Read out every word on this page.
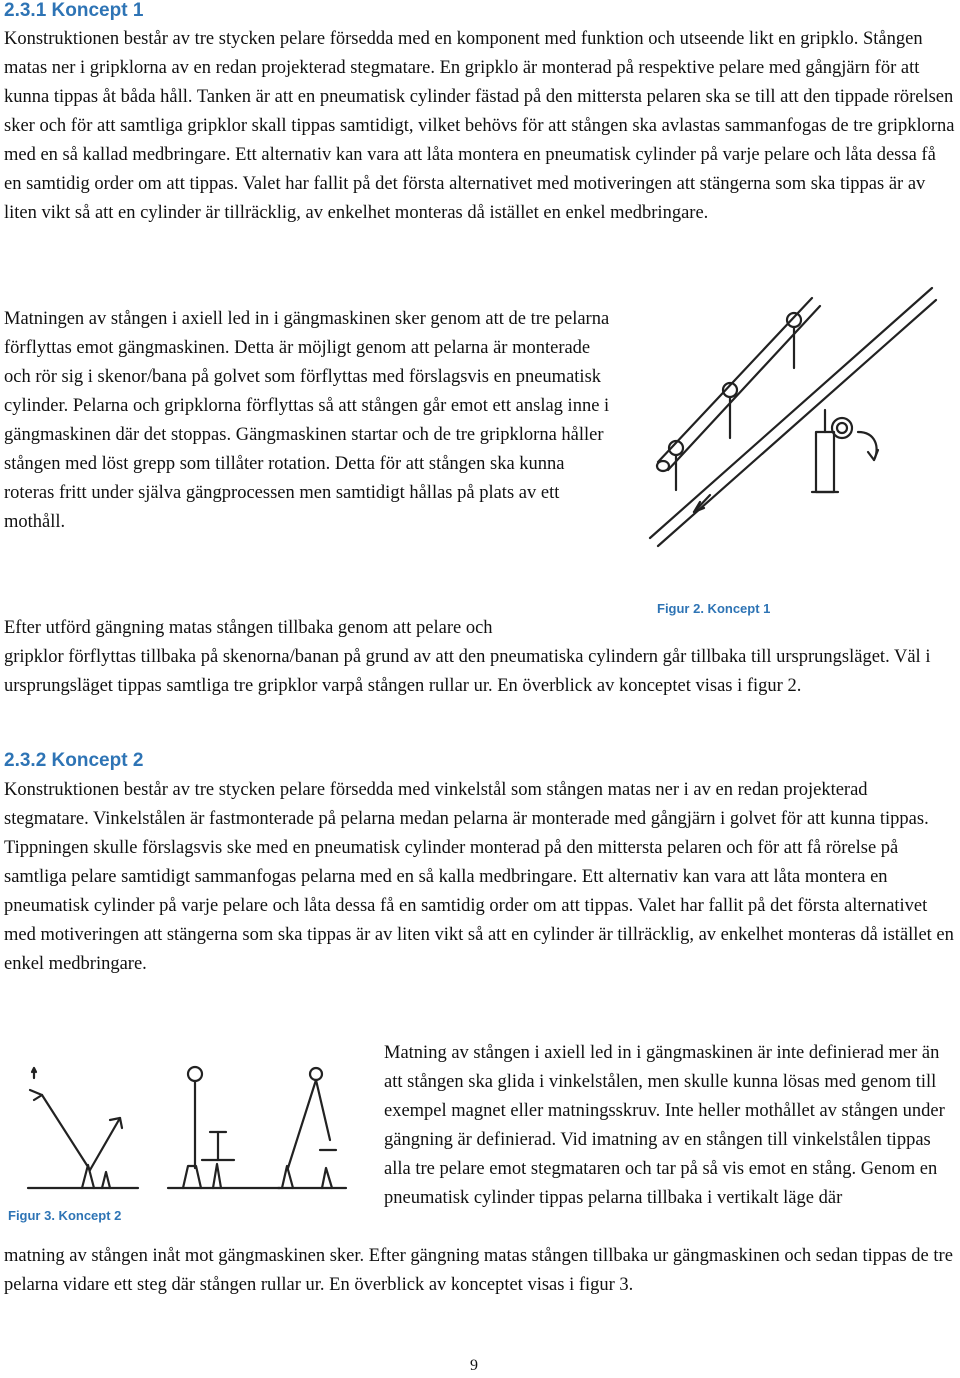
2.3.1 Koncept 1

Konstruktionen består av tre stycken pelare försedda med en komponent med funktion och utseende likt en gripklo. Stången matas ner i gripklorna av en redan projekterad stegmatare. En gripklo är monterad på respektive pelare med gångjärn för att kunna tippas åt båda håll. Tanken är att en pneumatisk cylinder fästad på den mittersta pelaren ska se till att den tippade rörelsen sker och för att samtliga gripklor skall tippas samtidigt, vilket behövs för att stången ska avlastas sammanfogas de tre gripklorna med en så kallad medbringare. Ett alternativ kan vara att låta montera en pneumatisk cylinder på varje pelare och låta dessa få en samtidig order om att tippas. Valet har fallit på det första alternativet med motiveringen att stängerna som ska tippas är av liten vikt så att en cylinder är tillräcklig, av enkelhet monteras då istället en enkel medbringare.

Matningen av stången i axiell led in i gängmaskinen sker genom att de tre pelarna förflyttas emot gängmaskinen. Detta är möjligt genom att pelarna är monterade och rör sig i skenor/bana på golvet som förflyttas med förslagsvis en pneumatisk cylinder. Pelarna och gripklorna förflyttas så att stången går emot ett anslag inne i gängmaskinen där det stoppas. Gängmaskinen startar och de tre gripklorna håller stången med löst grepp som tillåter rotation. Detta för att stången ska kunna roteras fritt under själva gängprocessen men samtidigt hållas på plats av ett mothåll.

Figur 2. Koncept 1

Efter utförd gängning matas stången tillbaka genom att pelare och

gripklor förflyttas tillbaka på skenorna/banan på grund av att den pneumatiska cylindern går tillbaka till ursprungsläget. Väl i ursprungsläget tippas samtliga tre gripklor varpå stången rullar ur. En överblick av konceptet visas i figur 2.

2.3.2 Koncept 2

Konstruktionen består av tre stycken pelare försedda med vinkelstål som stången matas ner i av en redan projekterad stegmatare. Vinkelstålen är fastmonterade på pelarna medan pelarna är monterade med gångjärn i golvet för att kunna tippas. Tippningen skulle förslagsvis ske med en pneumatisk cylinder monterad på den mittersta pelaren och för att få rörelse på samtliga pelare samtidigt sammanfogas pelarna med en så kalla medbringare. Ett alternativ kan vara att låta montera en pneumatisk cylinder på varje pelare och låta dessa få en samtidig order om att tippas. Valet har fallit på det första alternativet med motiveringen att stängerna som ska tippas är av liten vikt så att en cylinder är tillräcklig, av enkelhet monteras då istället en enkel medbringare.

Figur 3. Koncept 2

Matning av stången i axiell led in i gängmaskinen är inte definierad mer än att stången ska glida i vinkelstålen, men skulle kunna lösas med genom till exempel magnet eller matningsskruv. Inte heller mothållet av stången under gängning är definierad. Vid imatning av en stången till vinkelstålen tippas alla tre pelare emot stegmataren och tar på så vis emot en stång. Genom en pneumatisk cylinder tippas pelarna tillbaka i vertikalt läge där

matning av stången inåt mot gängmaskinen sker. Efter gängning matas stången tillbaka ur gängmaskinen och sedan tippas de tre pelarna vidare ett steg där stången rullar ur. En överblick av konceptet visas i figur 3.

9
